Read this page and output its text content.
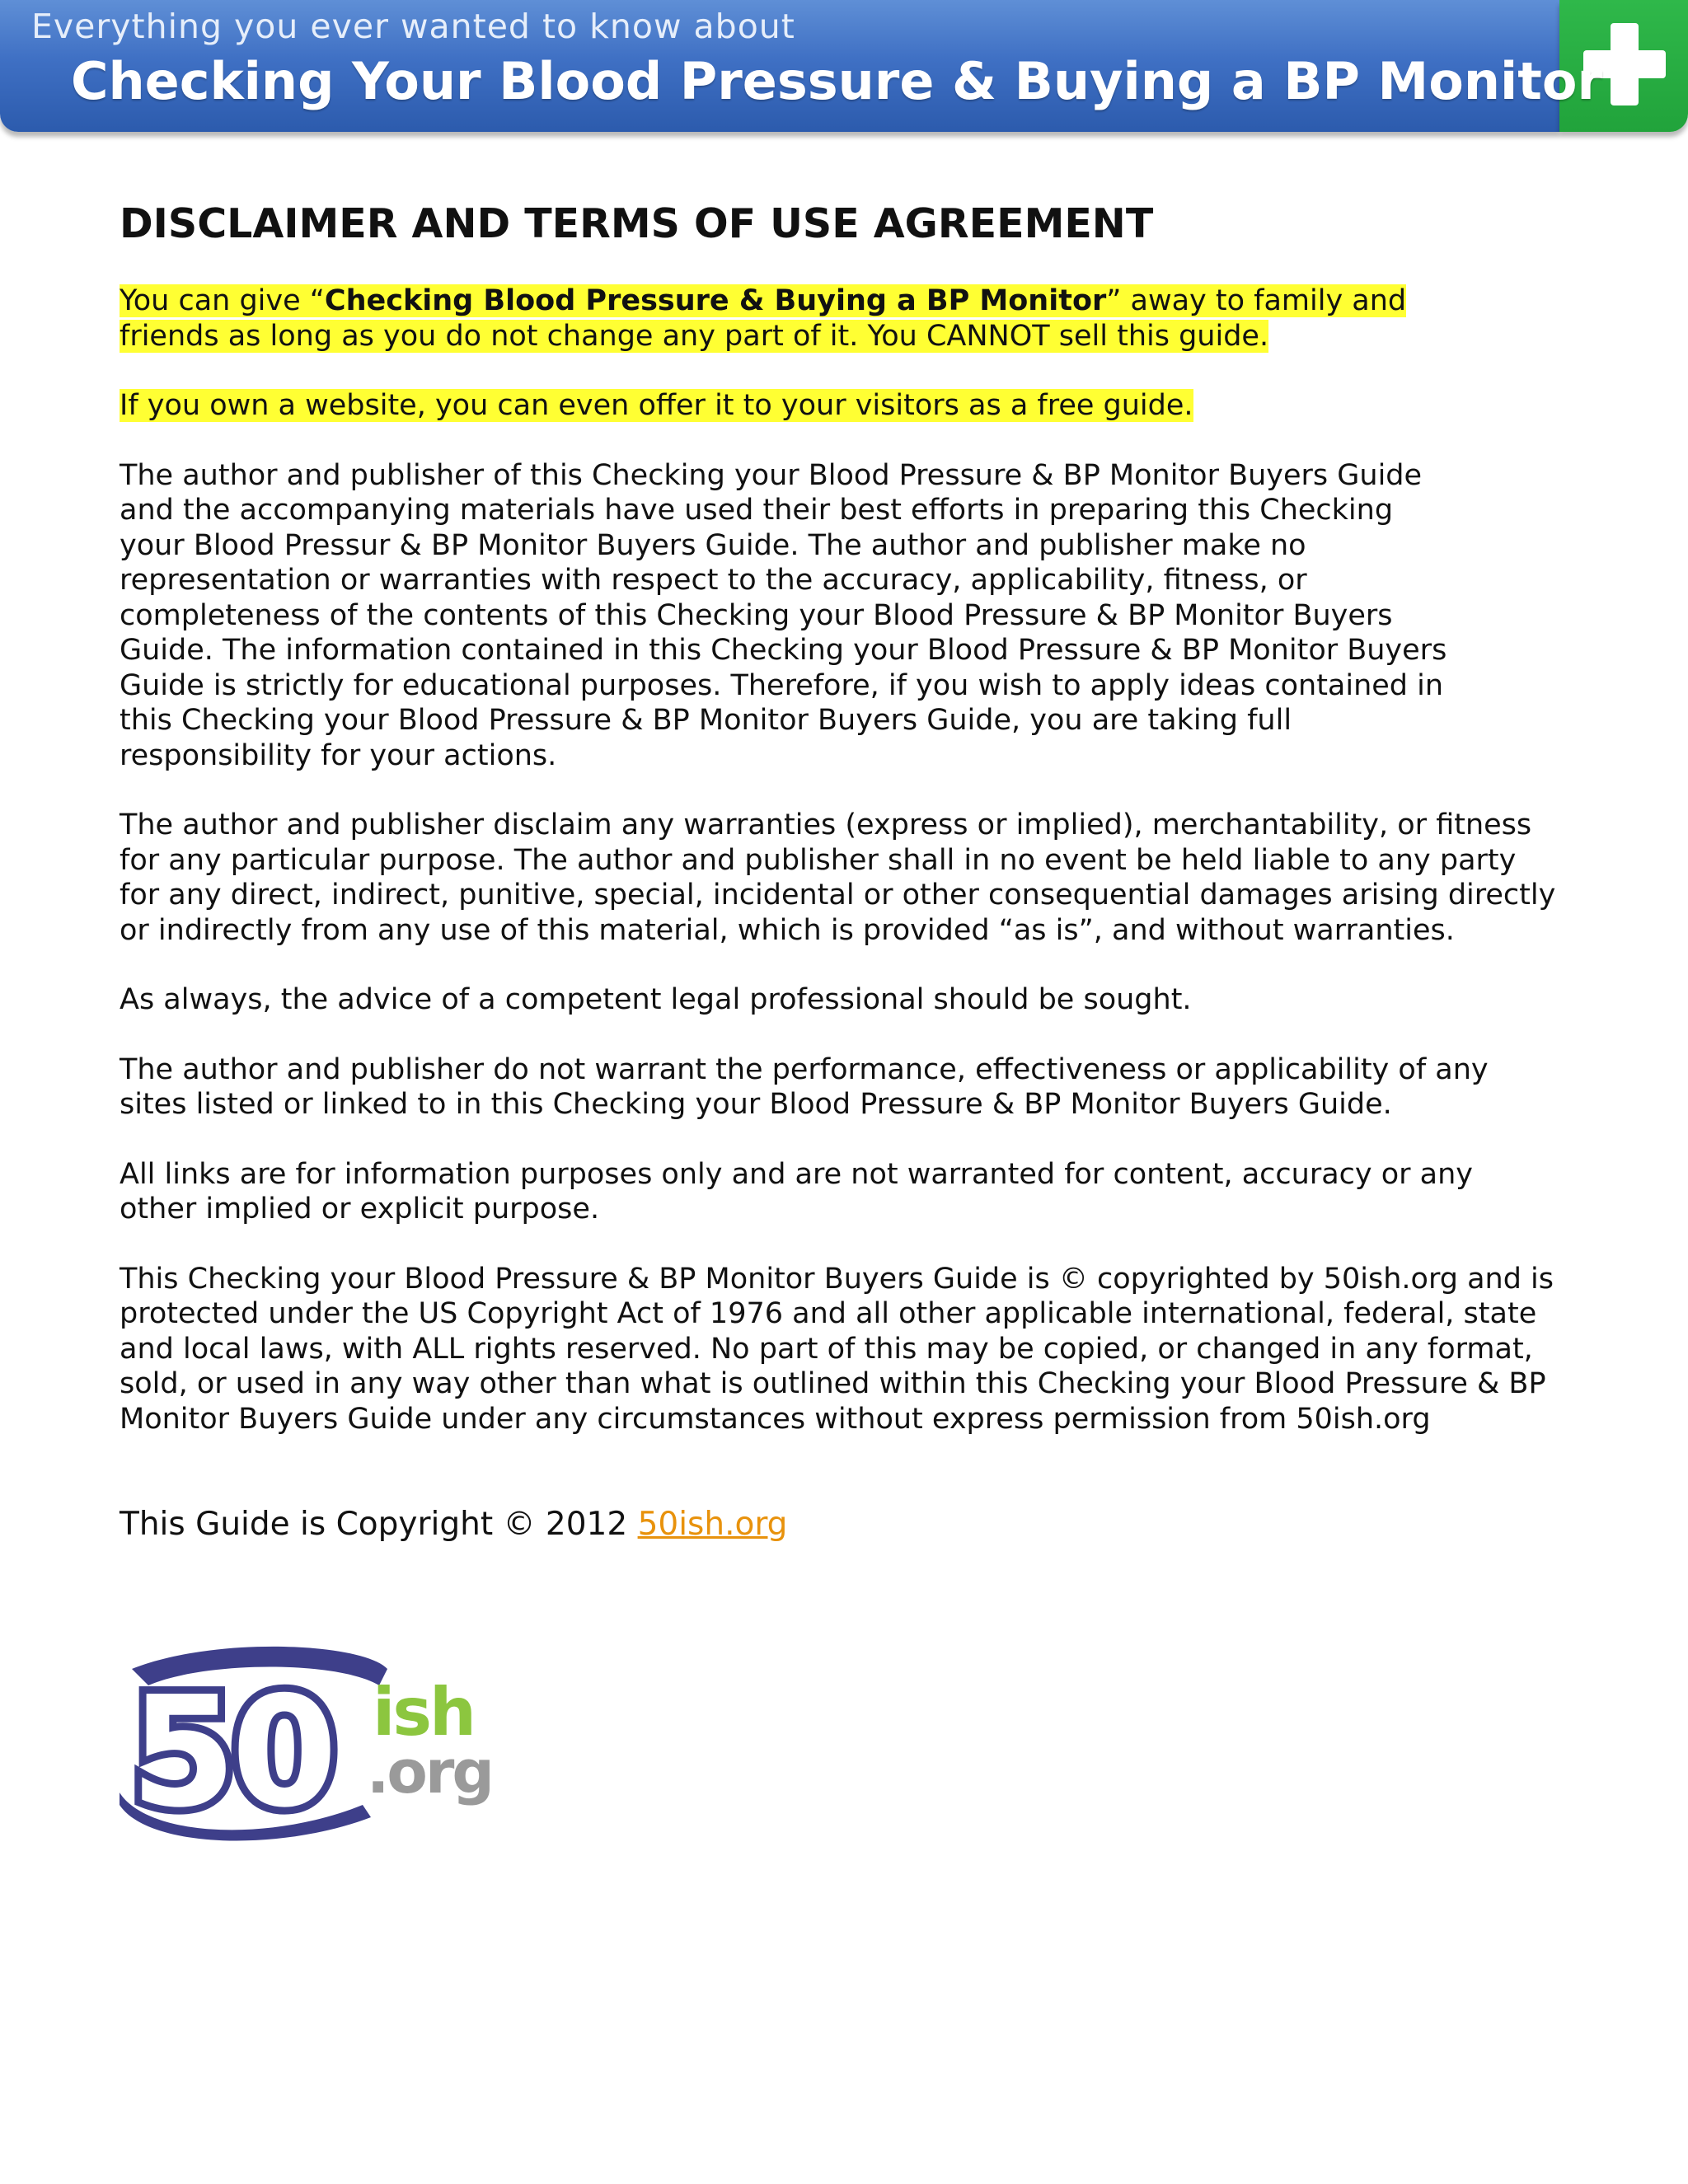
Everything you ever wanted to know about
Checking Your Blood Pressure & Buying a BP Monitor
DISCLAIMER AND TERMS OF USE AGREEMENT
You can give “Checking Blood Pressure & Buying a BP Monitor” away to family and
friends as long as you do not change any part of it. You CANNOT sell this guide.
If you own a website, you can even offer it to your visitors as a free guide.
The author and publisher of this Checking your Blood Pressure & BP Monitor Buyers Guide
and the accompanying materials have used their best efforts in preparing this Checking
your Blood Pressur & BP Monitor Buyers Guide. The author and publisher make no
representation or warranties with respect to the accuracy, applicability, fitness, or
completeness of the contents of this Checking your Blood Pressure & BP Monitor Buyers
Guide. The information contained in this Checking your Blood Pressure & BP Monitor Buyers
Guide is strictly for educational purposes. Therefore, if you wish to apply ideas contained in
this Checking your Blood Pressure & BP Monitor Buyers Guide, you are taking full
responsibility for your actions.
The author and publisher disclaim any warranties (express or implied), merchantability, or fitness
for any particular purpose. The author and publisher shall in no event be held liable to any party
for any direct, indirect, punitive, special, incidental or other consequential damages arising directly
or indirectly from any use of this material, which is provided “as is”, and without warranties.
As always, the advice of a competent legal professional should be sought.
The author and publisher do not warrant the performance, effectiveness or applicability of any
sites listed or linked to in this Checking your Blood Pressure & BP Monitor Buyers Guide.
All links are for information purposes only and are not warranted for content, accuracy or any
other implied or explicit purpose.
This Checking your Blood Pressure & BP Monitor Buyers Guide is © copyrighted by 50ish.org and is
protected under the US Copyright Act of 1976 and all other applicable international, federal, state
and local laws, with ALL rights reserved. No part of this may be copied, or changed in any format,
sold, or used in any way other than what is outlined within this Checking your Blood Pressure & BP
Monitor Buyers Guide under any circumstances without express permission from 50ish.org
This Guide is Copyright © 2012 50ish.org
50 ish
.org
